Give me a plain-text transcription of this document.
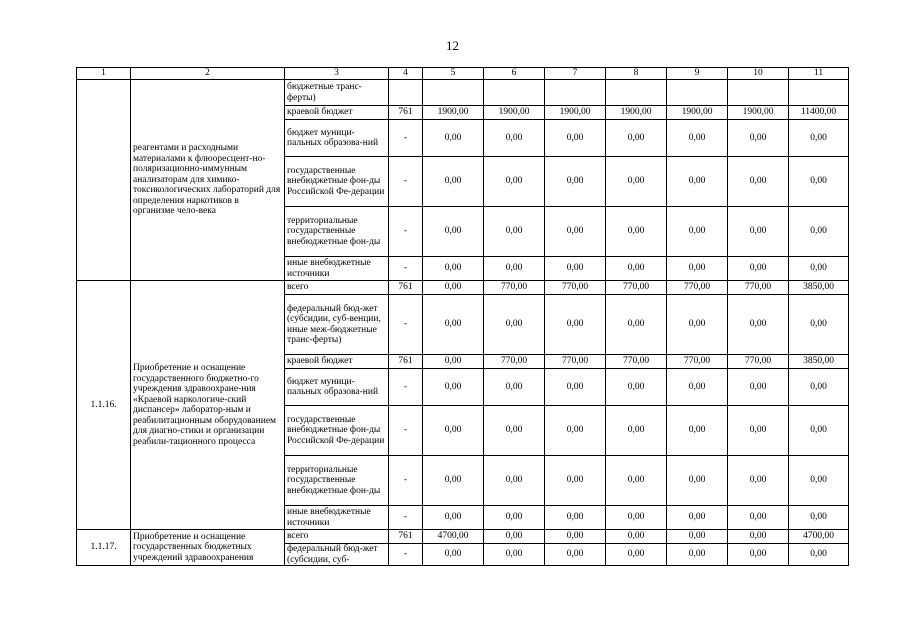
12
1	2	3	4	5	6	7	8	9	10	11
	реагентами и расходными материалами к флюоресцент-но-поляризационно-иммунным анализаторам для химико-токсикологических лабораторий для определения наркотиков в организме чело-века	бюджетные транс-ферты)								
		краевой бюджет	761	1900,00	1900,00	1900,00	1900,00	1900,00	1900,00	11400,00
		бюджет муници-пальных образова-ний	-	0,00	0,00	0,00	0,00	0,00	0,00	0,00
		государственные внебюджетные фон-ды Российской Фе-дерации	-	0,00	0,00	0,00	0,00	0,00	0,00	0,00
		территориальные государственные внебюджетные фон-ды	-	0,00	0,00	0,00	0,00	0,00	0,00	0,00
		иные внебюджетные источники	-	0,00	0,00	0,00	0,00	0,00	0,00	0,00
1.1.16.	Приобретение и оснащение государственного бюджетно-го учреждения здравоохране-ния «Краевой наркологиче-ский диспансер» лаборатор-ным и реабилитационным оборудованием для диагно-стики и организации реабили-тационного процесса	всего	761	0,00	770,00	770,00	770,00	770,00	770,00	3850,00
		федеральный бюд-жет (субсидии, суб-венции, иные меж-бюджетные транс-ферты)	-	0,00	0,00	0,00	0,00	0,00	0,00	0,00
		краевой бюджет	761	0,00	770,00	770,00	770,00	770,00	770,00	3850,00
		бюджет муници-пальных образова-ний	-	0,00	0,00	0,00	0,00	0,00	0,00	0,00
		государственные внебюджетные фон-ды Российской Фе-дерации	-	0,00	0,00	0,00	0,00	0,00	0,00	0,00
		территориальные государственные внебюджетные фон-ды	-	0,00	0,00	0,00	0,00	0,00	0,00	0,00
		иные внебюджетные источники	-	0,00	0,00	0,00	0,00	0,00	0,00	0,00
1.1.17.	Приобретение и оснащение государственных бюджетных учреждений здравоохранения	всего	761	4700,00	0,00	0,00	0,00	0,00	0,00	4700,00
		федеральный бюд-жет (субсидии, суб-	-	0,00	0,00	0,00	0,00	0,00	0,00	0,00
